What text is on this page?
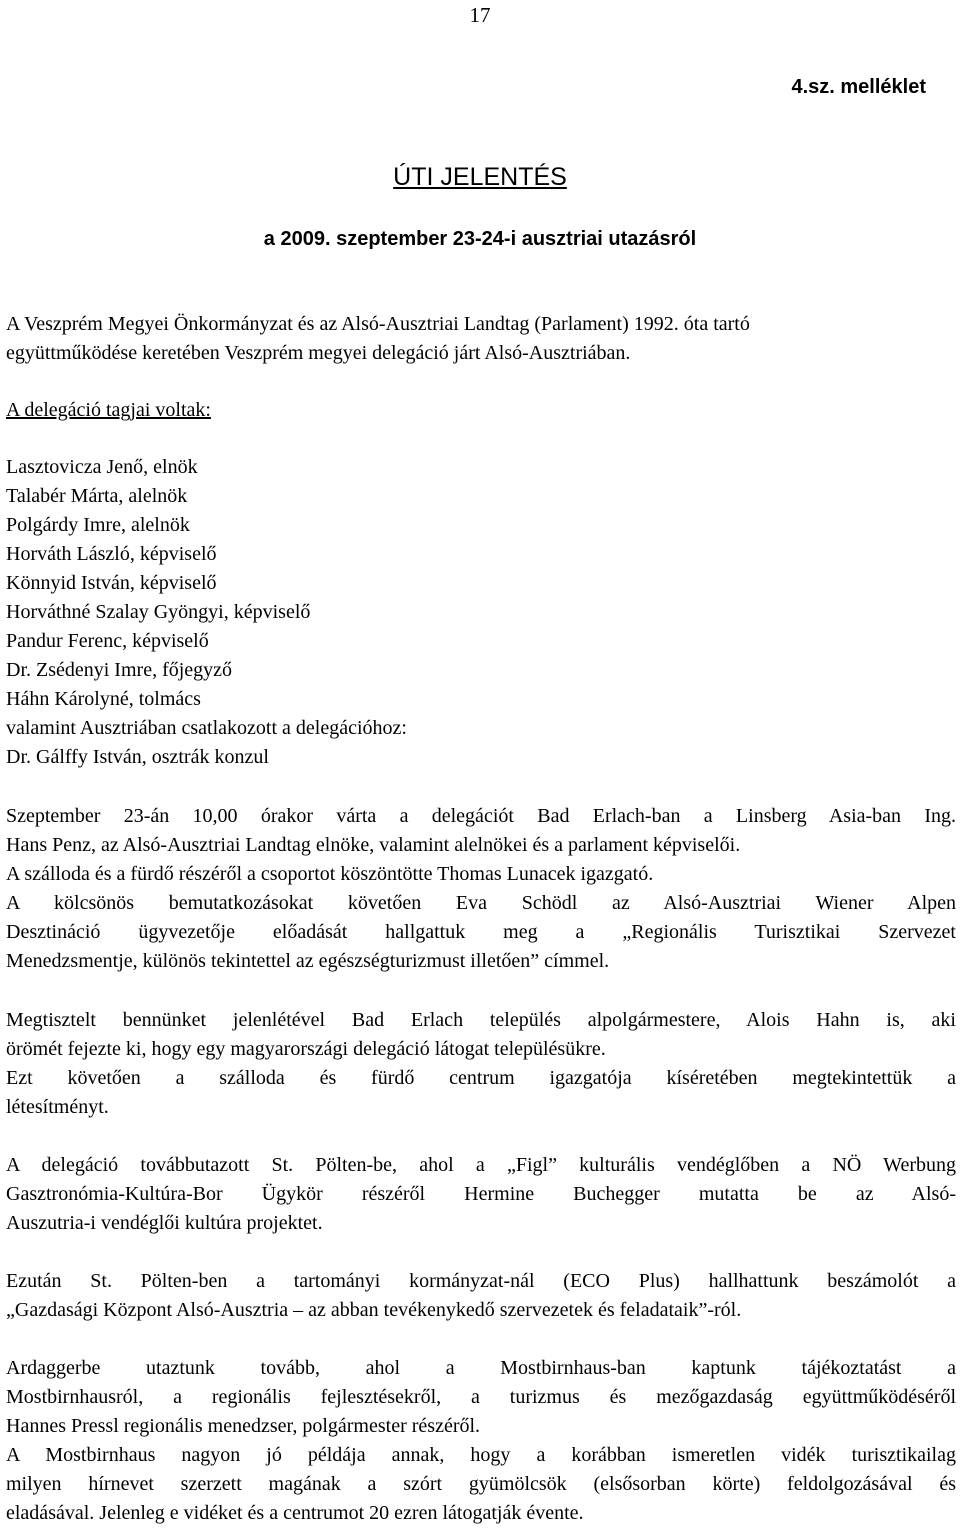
17
4.sz. melléklet
ÚTI JELENTÉS
a 2009. szeptember 23-24-i ausztriai utazásról
A Veszprém Megyei Önkormányzat és az Alsó-Ausztriai Landtag (Parlament) 1992. óta tartó
együttműködése keretében Veszprém megyei delegáció járt Alsó-Ausztriában.
A delegáció tagjai voltak:
Lasztovicza Jenő, elnök
Talabér Márta, alelnök
Polgárdy Imre, alelnök
Horváth László, képviselő
Könnyid István, képviselő
Horváthné Szalay Gyöngyi, képviselő
Pandur Ferenc, képviselő
Dr. Zsédenyi Imre, főjegyző
Háhn Károlyné, tolmács
valamint Ausztriában csatlakozott a delegációhoz:
Dr. Gálffy István, osztrák konzul
Szeptember 23-án 10,00 órakor várta a delegációt Bad Erlach-ban a Linsberg Asia-ban Ing.
Hans Penz, az Alsó-Ausztriai Landtag elnöke, valamint alelnökei és a parlament képviselői.
A szálloda és a fürdő részéről a csoportot köszöntötte Thomas Lunacek igazgató.
A kölcsönös bemutatkozásokat követően Eva Schödl az Alsó-Ausztriai Wiener Alpen
Desztináció ügyvezetője előadását hallgattuk meg a „Regionális Turisztikai Szervezet
Menedzsmentje, különös tekintettel az egészségturizmust illetően” címmel.
Megtisztelt bennünket jelenlétével Bad Erlach település alpolgármestere, Alois Hahn is, aki
örömét fejezte ki, hogy egy magyarországi delegáció látogat településükre.
Ezt követően a szálloda és fürdő centrum igazgatója kíséretében megtekintettük a
létesítményt.
A delegáció továbbutazott St. Pölten-be, ahol a „Figl” kulturális vendéglőben a NÖ Werbung
Gasztronómia-Kultúra-Bor Ügykör részéről Hermine Buchegger mutatta be az Alsó-
Auszutria-i vendéglői kultúra projektet.
Ezután St. Pölten-ben a tartományi kormányzat-nál (ECO Plus) hallhattunk beszámolót a
„Gazdasági Központ Alsó-Ausztria – az abban tevékenykedő szervezetek és feladataik”-ról.
Ardaggerbe utaztunk tovább, ahol a Mostbirnhaus-ban kaptunk tájékoztatást a
Mostbirnhausról, a regionális fejlesztésekről, a turizmus és mezőgazdaság együttműködéséről
Hannes Pressl regionális menedzser, polgármester részéről.
A Mostbirnhaus nagyon jó példája annak, hogy a korábban ismeretlen vidék turisztikailag
milyen hírnevet szerzett magának a szórt gyümölcsök (elsősorban körte) feldolgozásával és
eladásával. Jelenleg e vidéket és a centrumot 20 ezren látogatják évente.
